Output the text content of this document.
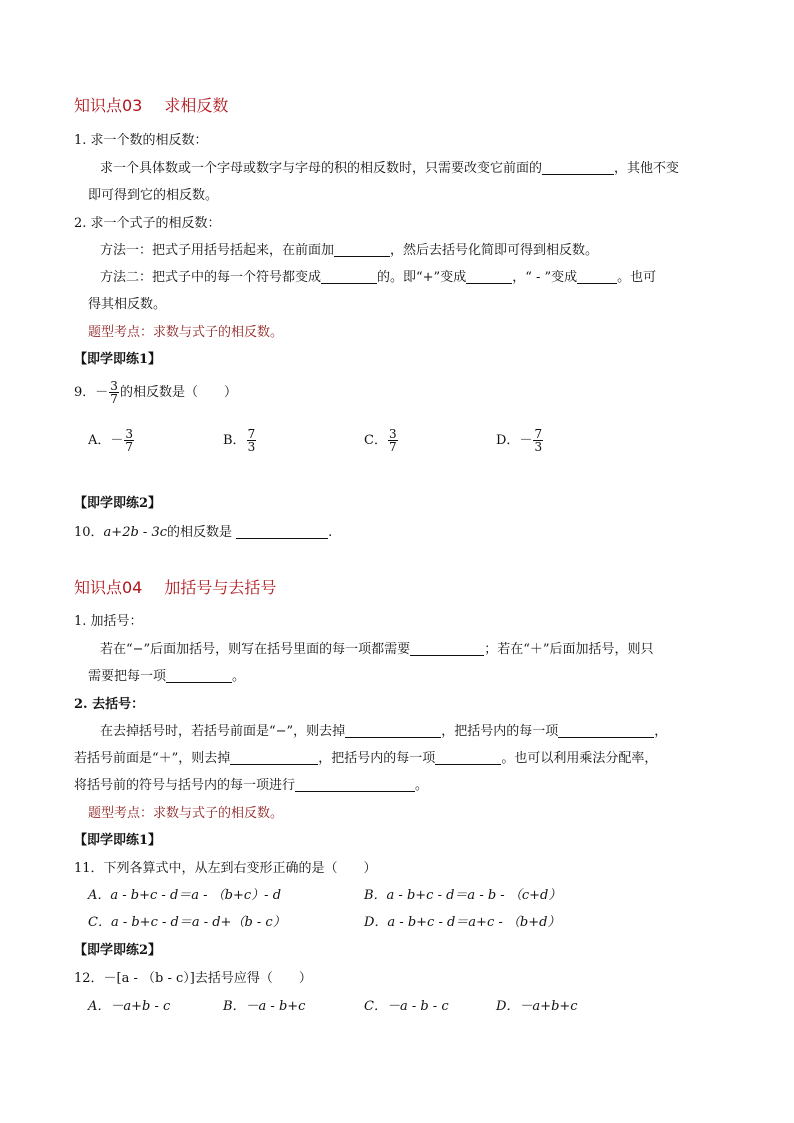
知识点03 求相反数
1. 求一个数的相反数：
求一个具体数或一个字母或数字与字母的积的相反数时，只需要改变它前面的	，其他不变
即可得到它的相反数。
2. 求一个式子的相反数：
方法一：把式子用括号括起来，在前面加	，然后去括号化简即可得到相反数。
方法二：把式子中的每一个符号都变成	的。即“+”变成	，“ - ”变成	。也可
得其相反数。
题型考点：求数与式子的相反数。
【即学即练1】
9．－ $\frac{3}{7}$ 的相反数是（　　）
A．－ $\frac{3}{7}$	B． $\frac{7}{3}$	C． $\frac{3}{7}$	D．－ $\frac{7}{3}$
【即学即练2】
10．a+2b - 3c的相反数是	.
知识点04 加括号与去括号
1. 加括号：
若在“−”后面加括号，则写在括号里面的每一项都需要	；若在“＋”后面加括号，则只
需要把每一项	。
2. 去括号：
在去掉括号时，若括号前面是“−”，则去掉	，把括号内的每一项	，
若括号前面是“＋”，则去掉	，把括号内的每一项	。也可以利用乘法分配率，
将括号前的符号与括号内的每一项进行	。
题型考点：求数与式子的相反数。
【即学即练1】
11．下列各算式中，从左到右变形正确的是（　　）
A．a - b+c - d＝a - （b+c）- d	B．a - b+c - d＝a - b - （c+d）
C．a - b+c - d＝a - d+（b - c）	D．a - b+c - d＝a+c - （b+d）
【即学即练2】
12．－[a - （b - c）]去括号应得（　　）
A．－a+b - c	B．－a - b+c	C．－a - b - c	D．－a+b+c
